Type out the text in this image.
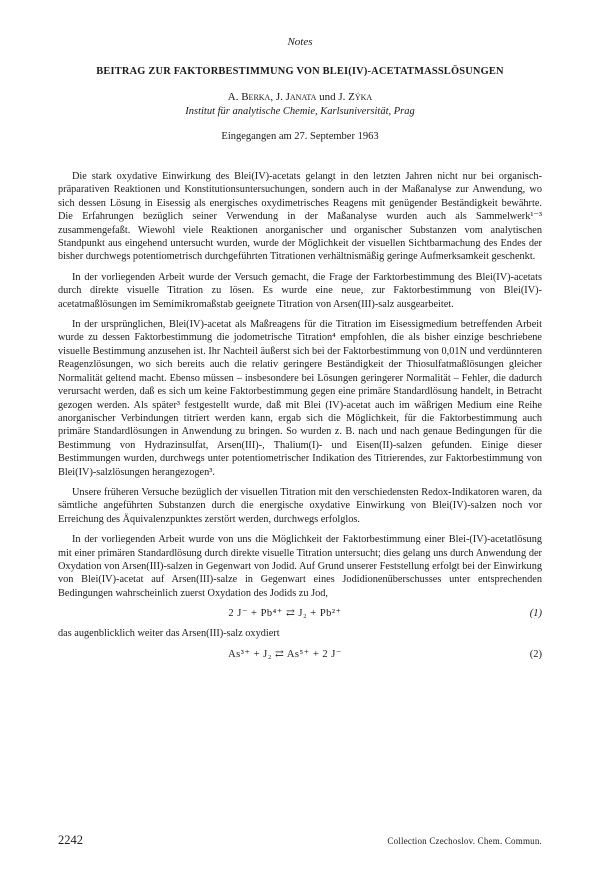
Notes
BEITRAG ZUR FAKTORBESTIMMUNG VON BLEI(IV)-ACETATMASSLÖSUNGEN
A. Berka, J. Janata und J. Zýka
Institut für analytische Chemie, Karlsuniversität, Prag
Eingegangen am 27. September 1963

Die stark oxydative Einwirkung des Blei(IV)-acetats gelangt in den letzten Jahren nicht nur bei organisch-präparativen Reaktionen und Konstitutionsuntersuchungen, sondern auch in der Maßanalyse zur Anwendung, wo sich dessen Lösung in Eisessig als energisches oxydimetrisches Reagens mit genügender Beständigkeit bewährte. Die Erfahrungen bezüglich seiner Verwendung in der Maßanalyse wurden auch als Sammelwerk¹⁻³ zusammengefaßt. Wiewohl viele Reaktionen anorganischer und organischer Substanzen vom analytischen Standpunkt aus eingehend untersucht wurden, wurde der Möglichkeit der visuellen Sichtbarmachung des Endes der bisher durchwegs potentiometrisch durchgeführten Titrationen verhältnismäßig geringe Aufmerksamkeit geschenkt.

In der vorliegenden Arbeit wurde der Versuch gemacht, die Frage der Farktorbestimmung des Blei(IV)-acetats durch direkte visuelle Titration zu lösen. Es wurde eine neue, zur Faktorbestimmung von Blei(IV)-acetatmaßlösungen im Semimikromaßstab geeignete Titration von Arsen(III)-salz ausgearbeitet.

In der ursprünglichen, Blei(IV)-acetat als Maßreagens für die Titration im Eisessigmedium betreffenden Arbeit wurde zu dessen Faktorbestimmung die jodometrische Titration⁴ empfohlen, die als bisher einzige beschriebene visuelle Bestimmung anzusehen ist. Ihr Nachteil äußerst sich bei der Faktorbestimmung von 0,01N und verdünnteren Reagenzlösungen, wo sich bereits auch die relativ geringere Beständigkeit der Thiosulfatmaßlösungen gleicher Normalität geltend macht. Ebenso müssen – insbesondere bei Lösungen geringerer Normalität – Fehler, die dadurch verursacht werden, daß es sich um keine Faktorbestimmung gegen eine primäre Standardlösung handelt, in Betracht gezogen werden. Als später³ festgestellt wurde, daß mit Blei (IV)-acetat auch im wäßrigen Medium eine Reihe anorganischer Verbindungen titriert werden kann, ergab sich die Möglichkeit, für die Faktorbestimmung auch primäre Standardlösungen in Anwendung zu bringen. So wurden z. B. nach und nach genaue Bedingungen für die Bestimmung von Hydrazinsulfat, Arsen(III)-, Thalium(I)- und Eisen(II)-salzen gefunden. Einige dieser Bestimmungen wurden, durchwegs unter potentiometrischer Indikation des Titrierendes, zur Faktorbestimmung von Blei(IV)-salzlösungen herangezogen³.

Unsere früheren Versuche bezüglich der visuellen Titration mit den verschiedensten Redox-Indikatoren waren, da sämtliche angeführten Substanzen durch die energische oxydative Einwirkung von Blei(IV)-salzen noch vor Erreichung des Äquivalenzpunktes zerstört werden, durchwegs erfolglos.

In der vorliegenden Arbeit wurde von uns die Möglichkeit der Faktorbestimmung einer Blei-(IV)-acetatlösung mit einer primären Standardlösung durch direkte visuelle Titration untersucht; dies gelang uns durch Anwendung der Oxydation von Arsen(III)-salzen in Gegenwart von Jodid. Auf Grund unserer Feststellung erfolgt bei der Einwirkung von Blei(IV)-acetat auf Arsen(III)-salze in Gegenwart eines Jodidionenüberschusses unter entsprechenden Bedingungen wahrscheinlich zuerst Oxydation des Jodids zu Jod,

2 J⁻ + Pb⁴⁺ ⇄ J₂ + Pb²⁺	(1)

das augenblicklich weiter das Arsen(III)-salz oxydiert

As³⁺ + J₂ ⇄ As⁵⁺ + 2 J⁻	(2)
2242	Collection Czechoslov. Chem. Commun.
